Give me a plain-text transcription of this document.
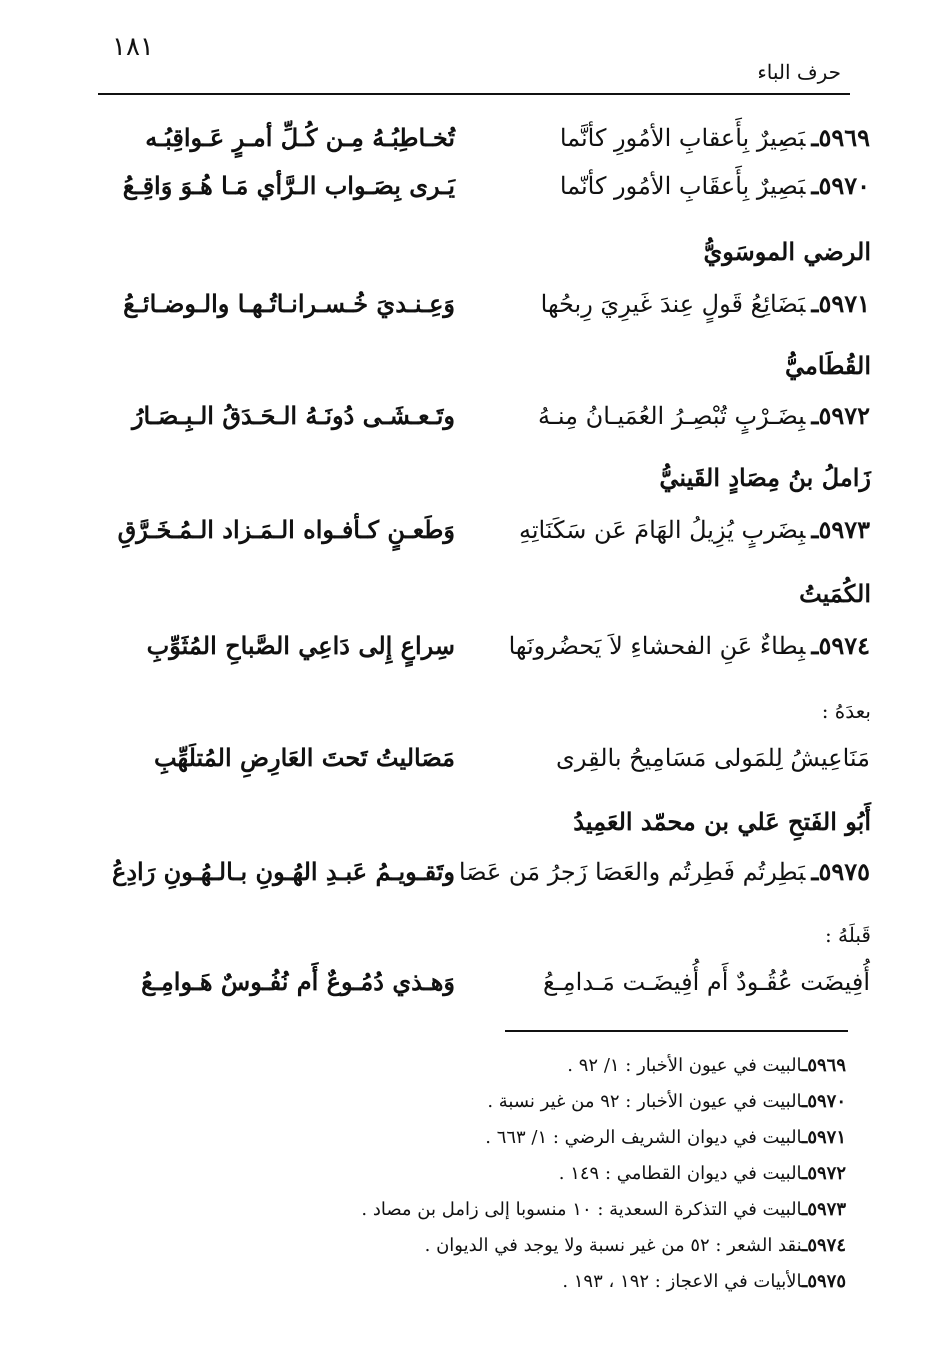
١٨١
حرف الباء
٥٩٦٩ـبَصِيرٌ بِأَعقابِ الأمُورِ كأنَّما
تُخـاطِبُـهُ مِـن كُـلِّ أمـرٍ عَـواقِبُـه
٥٩٧٠ـبَصِيرٌ بِأَعقَابِ الأمُور كأنّما
يَـرى بِصَـواب الـرَّأي مَـا هُـوَ وَاقِـعُ
الرضي الموسَويُّ
٥٩٧١ـبَضَائِعُ قَولٍ عِندَ غَيرِيَ رِبحُها
وَعِـنـديَ خُـسـرانـاتُـهـا والـوضـائـعُ
القُطَاميُّ
٥٩٧٢ـبِضَـرْبٍ تُبْصِـرُ العُمَيـانُ مِنـهُ
وتَـعـشَـى دُونَـهُ الـحَـدَقُ الـبِـصَـارُ
زَاملُ بنُ مِصَادٍ القَينيُّ
٥٩٧٣ـبِضَربٍ يُزِيلُ الهَامَ عَن سَكَنَاتِهِ
وَطَعـنٍ كـأفـواه الـمَـزاد الـمُـخَـرَّقِ
الكُمَيتُ
٥٩٧٤ـبِطاءٌ عَنِ الفحشاءِ لاَ يَحضُرونَها
سِراعٍ إِلى دَاعِي الصَّباحِ المُثَوِّبِ
بعدَهُ :
مَنَاعِيشُ لِلمَولى مَسَامِيحُ بالقِرى
مَصَاليتُ تَحتَ العَارِضِ المُتلَهِّبِ
أَبُو الفَتحِ عَلي بن محمّد العَمِيدُ
٥٩٧٥ـبَطِرتُم فَطِرتُم والعَصَا زَجرُ مَن عَصَا
وتَقـويـمُ عَبـدِ الهُـونِ بـالـهُـونِ رَادِعُ
قَبلَهُ :
أُفِيضَت عُقُـودٌ أَم أُفِيضَـت مَـدامِـعُ
وَهـذي دُمُـوعٌ أَم نُفُـوسٌ هَـوامِـعُ
٥٩٦٩ـالبيت في عيون الأخبار : ١/ ٩٢ .
٥٩٧٠ـالبيت في عيون الأخبار : ٩٢ من غير نسبة .
٥٩٧١ـالبيت في ديوان الشريف الرضي : ١/ ٦٦٣ .
٥٩٧٢ـالبيت في ديوان القطامي : ١٤٩ .
٥٩٧٣ـالبيت في التذكرة السعدية : ١٠ منسوبا إلى زامل بن مصاد .
٥٩٧٤ـنقد الشعر : ٥٢ من غير نسبة ولا يوجد في الديوان .
٥٩٧٥ـالأبيات في الاعجاز : ١٩٢ ، ١٩٣ .
